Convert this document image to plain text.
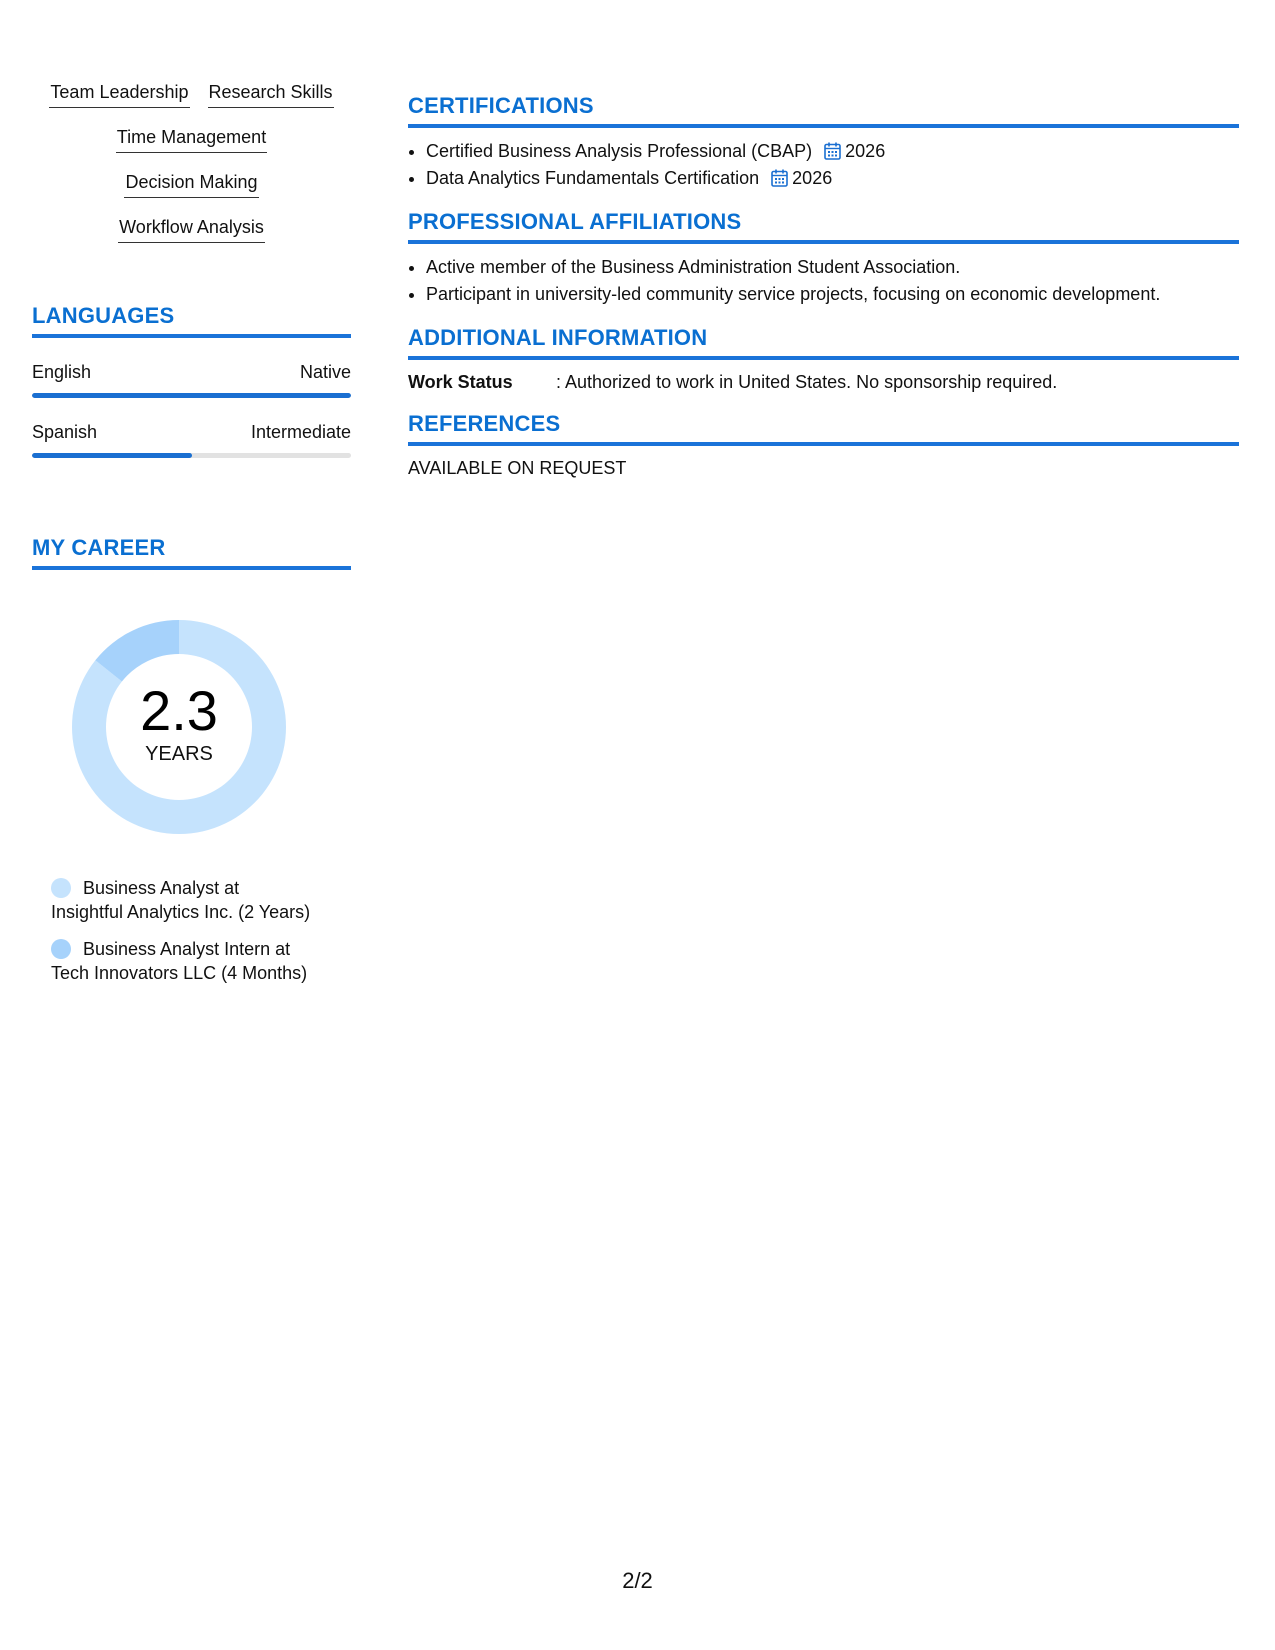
Team Leadership Research Skills
Time Management
Decision Making
Workflow Analysis
LANGUAGES
English	Native
Spanish	Intermediate
MY CAREER
2.3
YEARS
Business Analyst at
Insightful Analytics Inc. (2 Years)
Business Analyst Intern at
Tech Innovators LLC (4 Months)
CERTIFICATIONS
• Certified Business Analysis Professional (CBAP) 2026
• Data Analytics Fundamentals Certification 2026
PROFESSIONAL AFFILIATIONS
• Active member of the Business Administration Student Association.
• Participant in university-led community service projects, focusing on economic development.
ADDITIONAL INFORMATION
Work Status	: Authorized to work in United States. No sponsorship required.
REFERENCES
AVAILABLE ON REQUEST
2/2
